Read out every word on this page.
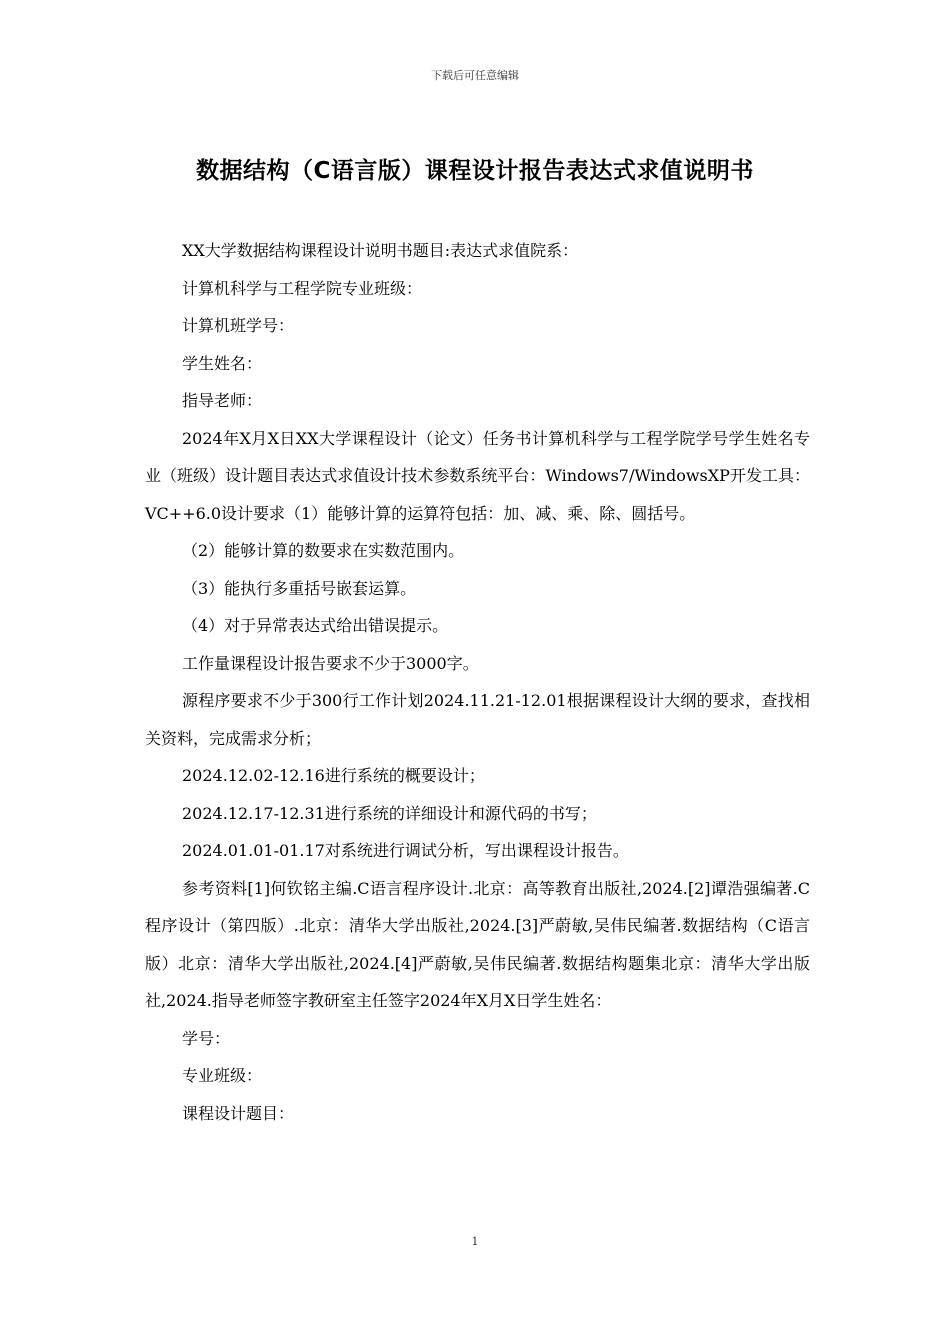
下载后可任意编辑
数据结构（C语言版）课程设计报告表达式求值说明书

XX大学数据结构课程设计说明书题目:表达式求值院系：

计算机科学与工程学院专业班级：

计算机班学号：

学生姓名：

指导老师：

2024年X月X日XX大学课程设计（论文）任务书计算机科学与工程学院学号学生姓名专业（班级）设计题目表达式求值设计技术参数系统平台：Windows7/WindowsXP开发工具：VC++6.0设计要求（1）能够计算的运算符包括：加、减、乘、除、圆括号。

（2）能够计算的数要求在实数范围内。

（3）能执行多重括号嵌套运算。

（4）对于异常表达式给出错误提示。

工作量课程设计报告要求不少于3000字。

源程序要求不少于300行工作计划2024.11.21-12.01根据课程设计大纲的要求，查找相关资料，完成需求分析；

2024.12.02-12.16进行系统的概要设计；

2024.12.17-12.31进行系统的详细设计和源代码的书写；

2024.01.01-01.17对系统进行调试分析，写出课程设计报告。

参考资料[1]何钦铭主编.C语言程序设计.北京：高等教育出版社,2024.[2]谭浩强编著.C程序设计（第四版）.北京：清华大学出版社,2024.[3]严蔚敏,吴伟民编著.数据结构（C语言版）北京：清华大学出版社,2024.[4]严蔚敏,吴伟民编著.数据结构题集北京：清华大学出版社,2024.指导老师签字教研室主任签字2024年X月X日学生姓名：

学号：

专业班级：

课程设计题目：

1
